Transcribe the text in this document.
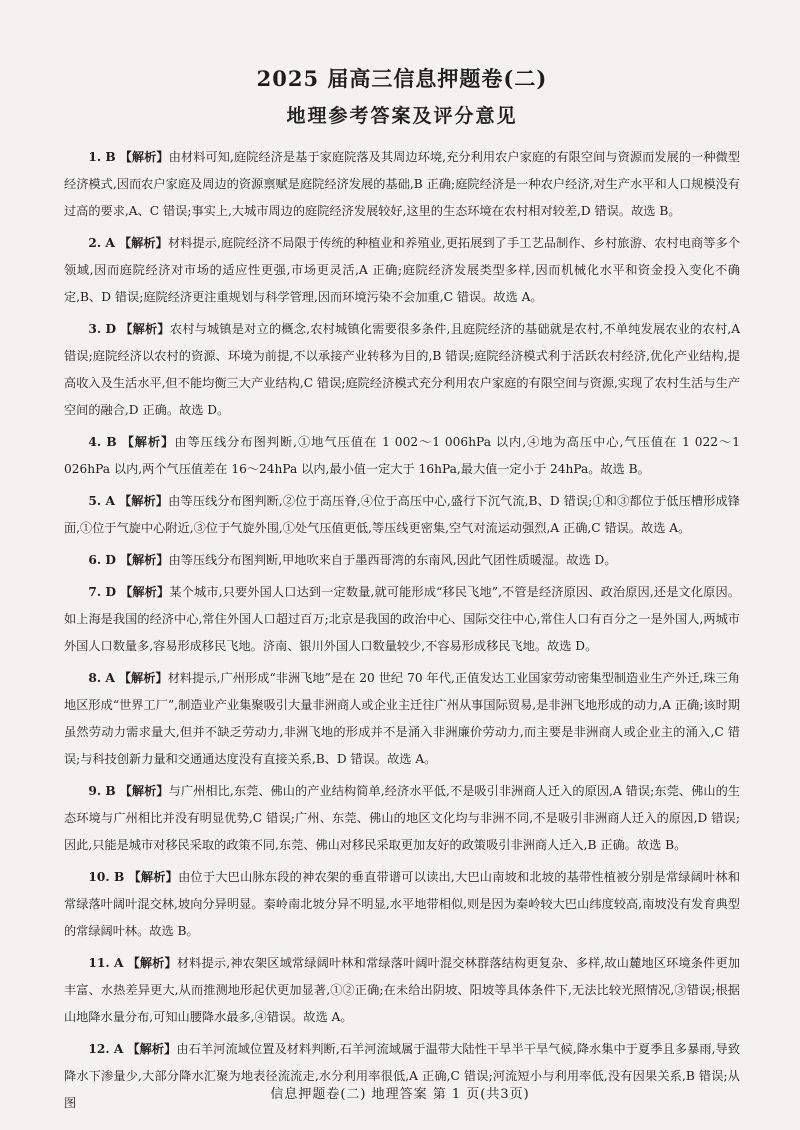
2025 届高三信息押题卷(二)
地理参考答案及评分意见

1. B 【解析】由材料可知,庭院经济是基于家庭院落及其周边环境,充分利用农户家庭的有限空间与资源而发展的一种微型经济模式,因而农户家庭及周边的资源禀赋是庭院经济发展的基础,B 正确;庭院经济是一种农户经济,对生产水平和人口规模没有过高的要求,A、C 错误;事实上,大城市周边的庭院经济发展较好,这里的生态环境在农村相对较差,D 错误。故选 B。

2. A 【解析】材料提示,庭院经济不局限于传统的种植业和养殖业,更拓展到了手工艺品制作、乡村旅游、农村电商等多个领域,因而庭院经济对市场的适应性更强,市场更灵活,A 正确;庭院经济发展类型多样,因而机械化水平和资金投入变化不确定,B、D 错误;庭院经济更注重规划与科学管理,因而环境污染不会加重,C 错误。故选 A。

3. D 【解析】农村与城镇是对立的概念,农村城镇化需要很多条件,且庭院经济的基础就是农村,不单纯发展农业的农村,A 错误;庭院经济以农村的资源、环境为前提,不以承接产业转移为目的,B 错误;庭院经济模式利于活跃农村经济,优化产业结构,提高收入及生活水平,但不能均衡三大产业结构,C 错误;庭院经济模式充分利用农户家庭的有限空间与资源,实现了农村生活与生产空间的融合,D 正确。故选 D。

4. B 【解析】由等压线分布图判断,①地气压值在 1 002～1 006hPa 以内,④地为高压中心,气压值在 1 022～1 026hPa 以内,两个气压值差在 16～24hPa 以内,最小值一定大于 16hPa,最大值一定小于 24hPa。故选 B。

5. A 【解析】由等压线分布图判断,②位于高压脊,④位于高压中心,盛行下沉气流,B、D 错误;①和③都位于低压槽形成锋面,①位于气旋中心附近,③位于气旋外围,①处气压值更低,等压线更密集,空气对流运动强烈,A 正确,C 错误。故选 A。

6. D 【解析】由等压线分布图判断,甲地吹来自于墨西哥湾的东南风,因此气团性质暖湿。故选 D。

7. D 【解析】某个城市,只要外国人口达到一定数量,就可能形成“移民飞地”,不管是经济原因、政治原因,还是文化原因。如上海是我国的经济中心,常住外国人口超过百万;北京是我国的政治中心、国际交往中心,常住人口有百分之一是外国人,两城市外国人口数量多,容易形成移民飞地。济南、银川外国人口数量较少,不容易形成移民飞地。故选 D。

8. A 【解析】材料提示,广州形成“非洲飞地”是在 20 世纪 70 年代,正值发达工业国家劳动密集型制造业生产外迁,珠三角地区形成“世界工厂”,制造业产业集聚吸引大量非洲商人或企业主迁往广州从事国际贸易,是非洲飞地形成的动力,A 正确;该时期虽然劳动力需求量大,但并不缺乏劳动力,非洲飞地的形成并不是涌入非洲廉价劳动力,而主要是非洲商人或企业主的涌入,C 错误;与科技创新力量和交通通达度没有直接关系,B、D 错误。故选 A。

9. B 【解析】与广州相比,东莞、佛山的产业结构简单,经济水平低,不是吸引非洲商人迁入的原因,A 错误;东莞、佛山的生态环境与广州相比并没有明显优势,C 错误;广州、东莞、佛山的地区文化均与非洲不同,不是吸引非洲商人迁入的原因,D 错误;因此,只能是城市对移民采取的政策不同,东莞、佛山对移民采取更加友好的政策吸引非洲商人迁入,B 正确。故选 B。

10. B 【解析】由位于大巴山脉东段的神农架的垂直带谱可以读出,大巴山南坡和北坡的基带性植被分别是常绿阔叶林和常绿落叶阔叶混交林,坡向分异明显。秦岭南北坡分异不明显,水平地带相似,则是因为秦岭较大巴山纬度较高,南坡没有发育典型的常绿阔叶林。故选 B。

11. A 【解析】材料提示,神农架区域常绿阔叶林和常绿落叶阔叶混交林群落结构更复杂、多样,故山麓地区环境条件更加丰富、水热差异更大,从而推测地形起伏更加显著,①②正确;在未给出阴坡、阳坡等具体条件下,无法比较光照情况,③错误;根据山地降水量分布,可知山腰降水最多,④错误。故选 A。

12. A 【解析】由石羊河流域位置及材料判断,石羊河流域属于温带大陆性干旱半干旱气候,降水集中于夏季且多暴雨,导致降水下渗量少,大部分降水汇聚为地表径流流走,水分利用率很低,A 正确,C 错误;河流短小与利用率低,没有因果关系,B 错误;从图

信息押题卷(二) 地理答案 第 1 页(共3页)
